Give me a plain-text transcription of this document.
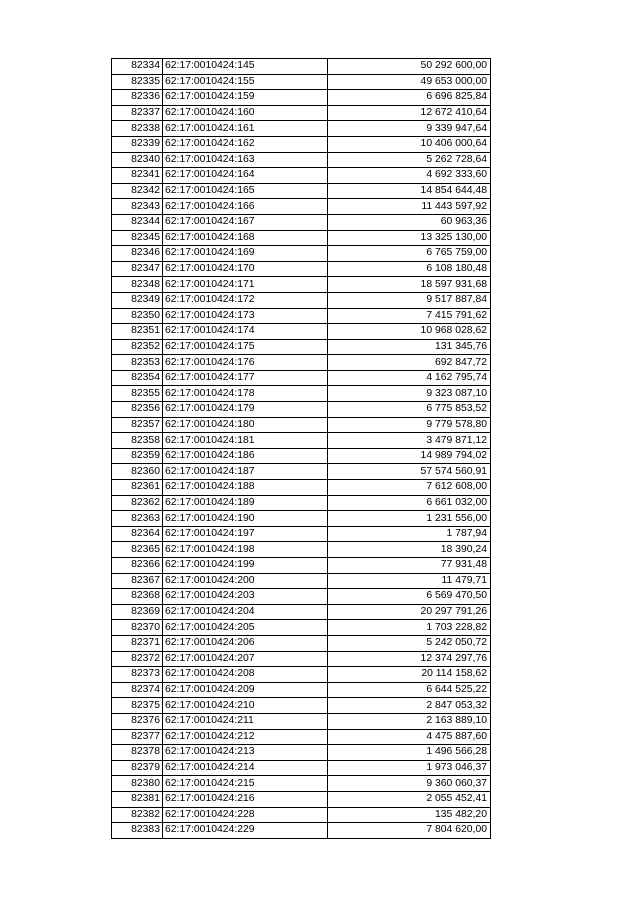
82334	62:17:0010424:145	50 292 600,00
82335	62:17:0010424:155	49 653 000,00
82336	62:17:0010424:159	6 696 825,84
82337	62:17:0010424:160	12 672 410,64
82338	62:17:0010424:161	9 339 947,64
82339	62:17:0010424:162	10 406 000,64
82340	62:17:0010424:163	5 262 728,64
82341	62:17:0010424:164	4 692 333,60
82342	62:17:0010424:165	14 854 644,48
82343	62:17:0010424:166	11 443 597,92
82344	62:17:0010424:167	60 963,36
82345	62:17:0010424:168	13 325 130,00
82346	62:17:0010424:169	6 765 759,00
82347	62:17:0010424:170	6 108 180,48
82348	62:17:0010424:171	18 597 931,68
82349	62:17:0010424:172	9 517 887,84
82350	62:17:0010424:173	7 415 791,62
82351	62:17:0010424:174	10 968 028,62
82352	62:17:0010424:175	131 345,76
82353	62:17:0010424:176	692 847,72
82354	62:17:0010424:177	4 162 795,74
82355	62:17:0010424:178	9 323 087,10
82356	62:17:0010424:179	6 775 853,52
82357	62:17:0010424:180	9 779 578,80
82358	62:17:0010424:181	3 479 871,12
82359	62:17:0010424:186	14 989 794,02
82360	62:17:0010424:187	57 574 560,91
82361	62:17:0010424:188	7 612 608,00
82362	62:17:0010424:189	6 661 032,00
82363	62:17:0010424:190	1 231 556,00
82364	62:17:0010424:197	1 787,94
82365	62:17:0010424:198	18 390,24
82366	62:17:0010424:199	77 931,48
82367	62:17:0010424:200	11 479,71
82368	62:17:0010424:203	6 569 470,50
82369	62:17:0010424:204	20 297 791,26
82370	62:17:0010424:205	1 703 228,82
82371	62:17:0010424:206	5 242 050,72
82372	62:17:0010424:207	12 374 297,76
82373	62:17:0010424:208	20 114 158,62
82374	62:17:0010424:209	6 644 525,22
82375	62:17:0010424:210	2 847 053,32
82376	62:17:0010424:211	2 163 889,10
82377	62:17:0010424:212	4 475 887,60
82378	62:17:0010424:213	1 496 566,28
82379	62:17:0010424:214	1 973 046,37
82380	62:17:0010424:215	9 360 060,37
82381	62:17:0010424:216	2 055 452,41
82382	62:17:0010424:228	135 482,20
82383	62:17:0010424:229	7 804 620,00
